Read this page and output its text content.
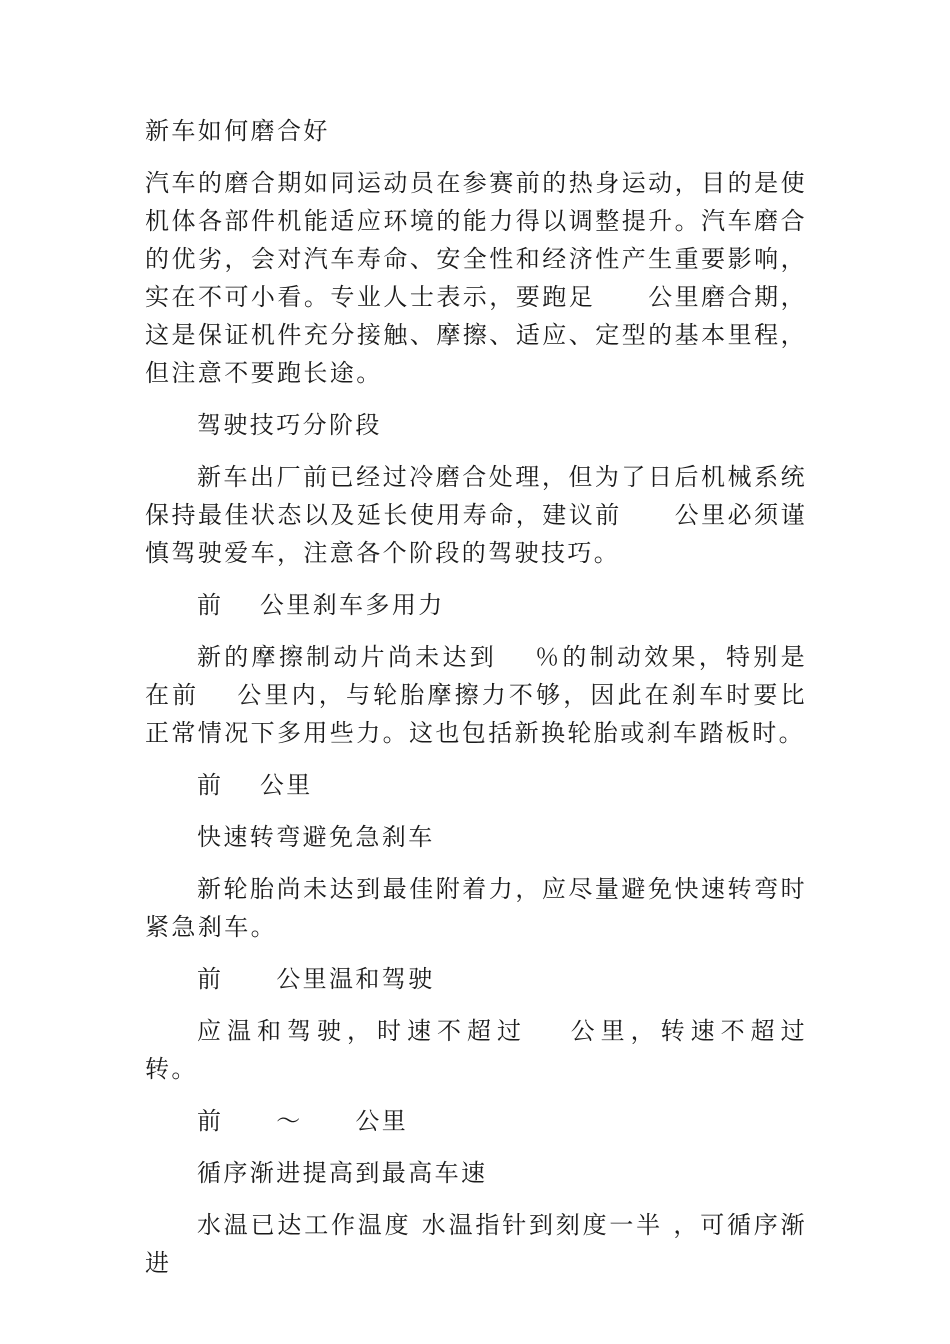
新车如何磨合好

汽车的磨合期如同运动员在参赛前的热身运动，目的是使机体各部件机能适应环境的能力得以调整提升。汽车磨合的优劣，会对汽车寿命、安全性和经济性产生重要影响，实在不可小看。专业人士表示，要跑足　　公里磨合期，这是保证机件充分接触、摩擦、适应、定型的基本里程，但注意不要跑长途。

驾驶技巧分阶段

新车出厂前已经过冷磨合处理，但为了日后机械系统保持最佳状态以及延长使用寿命，建议前　　公里必须谨慎驾驶爱车，注意各个阶段的驾驶技巧。

前　 公里刹车多用力

新的摩擦制动片尚未达到　 ％的制动效果，特别是在前　 公里内，与轮胎摩擦力不够，因此在刹车时要比正常情况下多用些力。这也包括新换轮胎或刹车踏板时。

前　 公里

快速转弯避免急刹车

新轮胎尚未达到最佳附着力，应尽量避免快速转弯时紧急刹车。

前　　公里温和驾驶

应温和驾驶，时速不超过　 公里，转速不超过　　转。

前　　～　　公里

循序渐进提高到最高车速

水温已达工作温度 水温指针到刻度一半 ，可循序渐进
